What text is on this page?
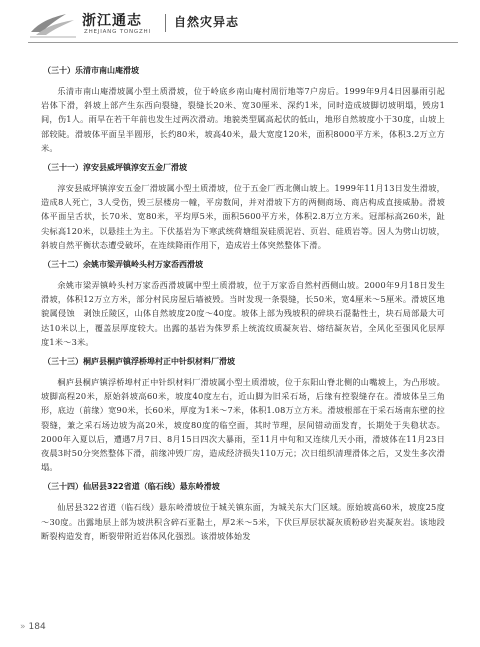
浙江通志
ZHEJIANG TONGZHI
自然灾异志
（三十）乐清市南山庵滑坡

乐清市南山庵滑坡属小型土质滑坡，位于岭底乡南山庵村周衍地等7户房后。1999年9月4日因暴雨引起岩体下滑，斜坡上部产生东西向裂缝，裂缝长20米、宽30厘米、深约1米，同时造成坡脚切坡明塌，毁房1间，伤1人。雨旱在若干年前也发生过两次滑动。地貌类型属高起伏的低山，地形自然坡度小于30度，山坡上部较陡。滑坡体平面呈半圆形，长约80米，坡高40米，最大宽度120米，面积8000平方米，体积3.2万立方米。

（三十一）淳安县威坪镇淳安五金厂滑坡

淳安县威坪镇淳安五金厂滑坡属小型土质滑坡，位于五金厂西北侧山坡上。1999年11月13日发生滑坡，造成8人死亡，3人受伤，毁三层楼房一幢，平房数间，并对滑坡下方的两侧商场、商店构成直接威胁。滑坡体平面呈舌状，长70米、宽80米，平均厚5米，面积5600平方米，体积2.8万立方米。冠部标高260米，趾尖标高120米，以悬挂土为主。下伏基岩为下寒武统荷塘组炭硅质泥岩、页岩、硅质岩等。因人为劈山切坡，斜坡自然平衡状态遭受破坏，在连续降雨作用下，造成岩土体突然整体下滑。

（三十二）余姚市梁弄镇岭头村万家岙西滑坡

余姚市梁弄镇岭头村万家岙西滑坡属中型土质滑坡，位于万家岙自然村西侧山坡。2000年9月18日发生滑坡，体积12万立方米，部分村民房屋后墙被毁。当时发现一条裂缝，长50米，宽4厘米～5厘米。滑坡区地貌属侵蚀　剥蚀丘陵区，山体自然坡度20度～40度。坡体上部为残坡积的碎块石混黏性土，块石局部最大可达10米以上，覆盖层厚度较大。出露的基岩为侏罗系上统流纹质凝灰岩、熔结凝灰岩，全风化至强风化层厚度1米～3米。

（三十三）桐庐县桐庐镇浮桥埠村正中针织材料厂滑坡

桐庐县桐庐镇浮桥埠村正中针织材料厂滑坡属小型土质滑坡，位于东阳山脊北侧的山嘴坡上，为凸形坡。坡脚高程20米，原始斜坡高60米，坡度40度左右，近山脚为旧采石场，后缘有控裂缝存在。滑坡体呈三角形，底边（前缘）宽90米，长60米，厚度为1米～7米，体积1.08万立方米。滑坡根部在于采石场南东壁的拉裂缝，兼之采石场边坡为高20米，坡度80度的临空面，其时节理，层间错动面发育，长期处于失稳状态。2000年入夏以后，遭遇7月7日、8月15日四次大暴雨，至11月中旬和又连续几天小雨，滑坡体在11月23日夜晨3时50分突然整体下滑，前缘冲毁厂房，造成经济损失110万元；次日组织清理滑体之后，又发生多次滑塌。

（三十四）仙居县322省道（临石线）悬东岭滑坡

仙居县322省道（临石线）悬东岭滑坡位于城关镇东面，为城关东大门区域。原始坡高60米，坡度25度～30度。出露地层上部为坡洪积含碎石亚黏土，厚2米～5米，下伏巨厚层状凝灰质粉砂岩夹凝灰岩。该地段断裂构造发育，断裂带附近岩体风化强烈。该滑坡体始发

» 184
